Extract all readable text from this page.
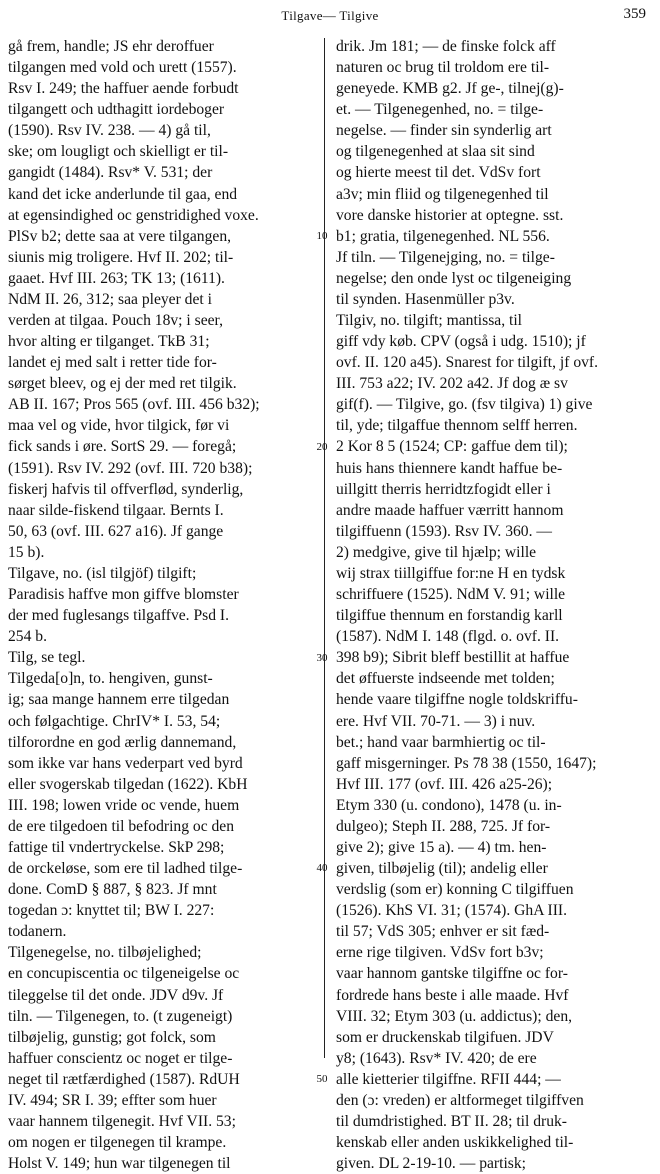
Tilgave— Tilgive	359
gå frem, handle; JS ehr deroffuer
tilgangen med vold och urett (1557).
Rsv I. 249; the haffuer aende forbudt
tilgangett och udthagitt iordeboger
(1590). Rsv IV. 238. — 4) gå til,
ske; om lougligt och skielligt er til-
gangidt (1484). Rsv* V. 531; der
kand det icke anderlunde til gaa, end
at egensindighed oc genstridighed voxe.
PlSv b2; dette saa at vere tilgangen,
siunis mig troligere. Hvf II. 202; til-
gaaet. Hvf III. 263; TK 13; (1611).
NdM II. 26, 312; saa pleyer det i
verden at tilgaa. Pouch 18v; i seer,
hvor alting er tilganget. TkB 31;
landet ej med salt i retter tide for-
sørget bleev, og ej der med ret tilgik.
AB II. 167; Pros 565 (ovf. III. 456 b32);
maa vel og vide, hvor tilgick, før vi
fick sands i øre. SortS 29. — foregå;
(1591). Rsv IV. 292 (ovf. III. 720 b38);
fiskerj hafvis til offverflød, synderlig,
naar silde-fiskend tilgaar. Bernts I.
50, 63 (ovf. III. 627 a16). Jf gange
15 b).
Tilgave, no. (isl tilgjöf) tilgift;
Paradisis haffve mon giffve blomster
der med fuglesangs tilgaffve. Psd I.
254 b.
Tilg, se tegl.
Tilgeda[o]n, to. hengiven, gunst-
ig; saa mange hannem erre tilgedan
och følgachtige. ChrIV* I. 53, 54;
tilforordne en god ærlig dannemand,
som ikke var hans vederpart ved byrd
eller svogerskab tilgedan (1622). KbH
III. 198; lowen vride oc vende, huem
de ere tilgedoen til befodring oc den
fattige til vndertryckelse. SkP 298;
de orckeløse, som ere til ladhed tilge-
done. ComD § 887, § 823. Jf mnt
togedan ɔ: knyttet til; BW I. 227:
todanern.
Tilgenegelse, no. tilbøjelighed;
en concupiscentia oc tilgeneigelse oc
tileggelse til det onde. JDV d9v. Jf
tiln. — Tilgenegen, to. (t zugeneigt)
tilbøjelig, gunstig; got folck, som
haffuer conscientz oc noget er tilge-
neget til rætfærdighed (1587). RdUH
IV. 494; SR I. 39; effter som huer
vaar hannem tilgenegit. Hvf VII. 53;
om nogen er tilgenegen til krampe.
Holst V. 149; hun war tilgenegen til
drik. Jm 181; — de finske folck aff
naturen oc brug til troldom ere til-
geneyede. KMB g2. Jf ge-, tilnej(g)-
et. — Tilgenegenhed, no. = tilge-
negelse. — finder sin synderlig art
og tilgenegenhed at slaa sit sind
og hierte meest til det. VdSv fort
a3v; min fliid og tilgenegenhed til
vore danske historier at optegne. sst.
b1; gratia, tilgenegenhed. NL 556.
Jf tiln. — Tilgenejging, no. = tilge-
negelse; den onde lyst oc tilgeneiging
til synden. Hasenmüller p3v.
Tilgiv, no. tilgift; mantissa, til
giff vdy køb. CPV (også i udg. 1510); jf
ovf. II. 120 a45). Snarest for tilgift, jf ovf.
III. 753 a22; IV. 202 a42. Jf dog æ sv
gif(f). — Tilgive, go. (fsv tilgiva) 1) give
til, yde; tilgaffue thennom selff herren.
2 Kor 8 5 (1524; CP: gaffue dem til);
huis hans thiennere kandt haffue be-
uillgitt therris herridtzfogidt eller i
andre maade haffuer værritt hannom
tilgiffuenn (1593). Rsv IV. 360. —
2) medgive, give til hjælp; wille
wij strax tiillgiffue for:ne H en tydsk
schriffuere (1525). NdM V. 91; wille
tilgiffue thennum en forstandig karll
(1587). NdM I. 148 (flgd. o. ovf. II.
398 b9); Sibrit bleff bestillit at haffue
det øffuerste indseende met tolden;
hende vaare tilgiffne nogle toldskriffu-
ere. Hvf VII. 70-71. — 3) i nuv.
bet.; hand vaar barmhiertig oc til-
gaff misgerninger. Ps 78 38 (1550, 1647);
Hvf III. 177 (ovf. III. 426 a25-26);
Etym 330 (u. condono), 1478 (u. in-
dulgeo); Steph II. 288, 725. Jf for-
give 2); give 15 a). — 4) tm. hen-
given, tilbøjelig (til); andelig eller
verdslig (som er) konning C tilgiffuen
(1526). KhS VI. 31; (1574). GhA III.
til 57; VdS 305; enhver er sit fæd-
erne rige tilgiven. VdSv fort b3v;
vaar hannom gantske tilgiffne oc for-
fordrede hans beste i alle maade. Hvf
VIII. 32; Etym 303 (u. addictus); den,
som er druckenskab tilgifuen. JDV
y8; (1643). Rsv* IV. 420; de ere
alle kietterier tilgiffne. RFII 444; —
den (ɔ: vreden) er altformeget tilgiffven
til dumdristighed. BT II. 28; til druk-
kenskab eller anden uskikkelighed til-
given. DL 2-19-10. — partisk;
10
20
30
40
50
